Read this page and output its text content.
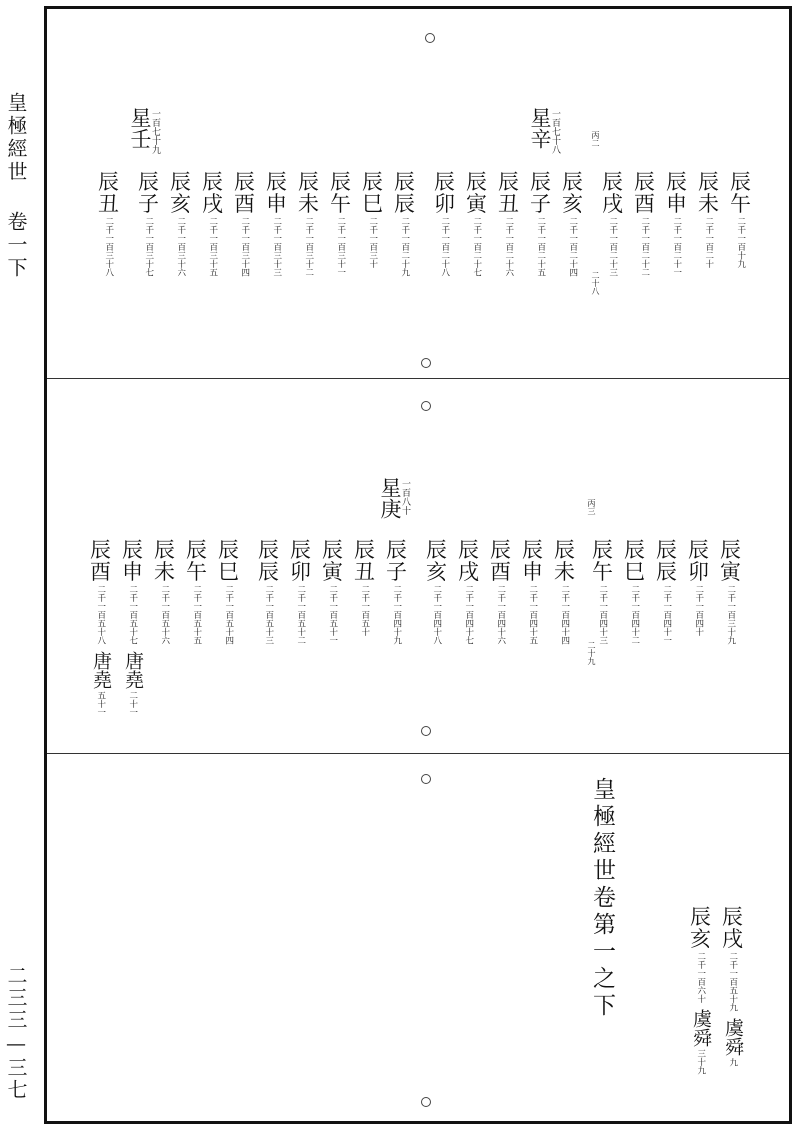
皇極經世 卷一下
二三三—三七
丙二
二十八
星辛
一百七十八
星壬
一百七十九
辰
午
二千一百十九
辰
未
二千一百二十
辰
申
二千一百二十一
辰
酉
二千一百二十二
辰
戌
二千一百二十三
辰
亥
二千一百二十四
辰
子
二千一百二十五
辰
丑
二千一百二十六
辰
寅
二千一百二十七
辰
卯
二千一百二十八
辰
辰
二千一百二十九
辰
巳
二千一百三十
辰
午
二千一百三十一
辰
未
二千一百三十二
辰
申
二千一百三十三
辰
酉
二千一百三十四
辰
戌
二千一百三十五
辰
亥
二千一百三十六
辰
子
二千一百三十七
辰
丑
二千一百三十八
丙三
二十九
星庚
一百八十
辰
寅
二千一百三十九
辰
卯
二千一百四十
辰
辰
二千一百四十一
辰
巳
二千一百四十二
辰
午
二千一百四十三
辰
未
二千一百四十四
辰
申
二千一百四十五
辰
酉
二千一百四十六
辰
戌
二千一百四十七
辰
亥
二千一百四十八
辰
子
二千一百四十九
辰
丑
二千一百五十
辰
寅
二千一百五十一
辰
卯
二千一百五十二
辰
辰
二千一百五十三
辰
巳
二千一百五十四
辰
午
二千一百五十五
辰
未
二千一百五十六
辰
申
二千一百五十七
唐堯
二十一
辰
酉
二千一百五十八
唐堯
五十一
皇極經世卷第一之下	辰
戌
二千一百五十九
虞舜
九
辰
亥
二千一百六十
虞舜
三十九
